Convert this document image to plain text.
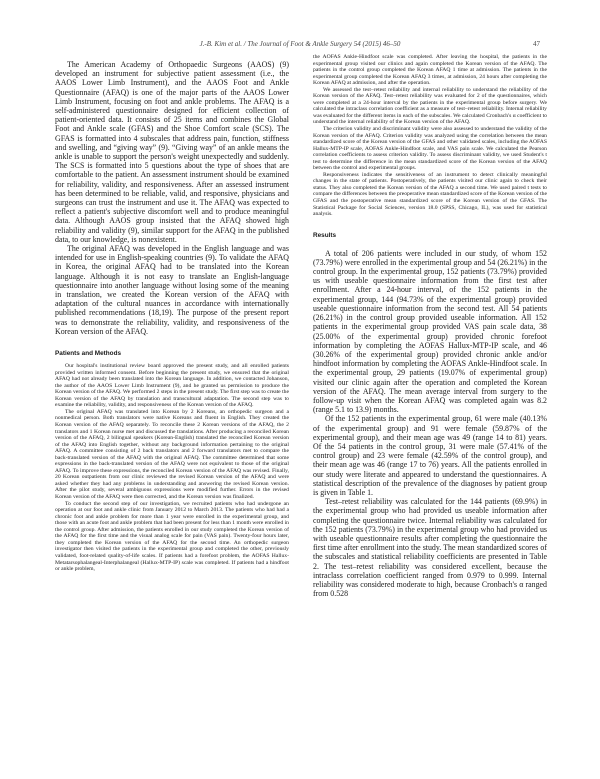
J.-B. Kim et al. / The Journal of Foot & Ankle Surgery 54 (2015) 46–50	47

The American Academy of Orthopaedic Surgeons (AAOS) (9) developed an instrument for subjective patient assessment (i.e., the AAOS Lower Limb Instrument), and the AAOS Foot and Ankle Questionnaire (AFAQ) is one of the major parts of the AAOS Lower Limb Instrument, focusing on foot and ankle problems. The AFAQ is a self-administered questionnaire designed for efficient collection of patient-oriented data. It consists of 25 items and combines the Global Foot and Ankle scale (GFAS) and the Shoe Comfort scale (SCS). The GFAS is formatted into 4 subscales that address pain, function, stiffness and swelling, and “giving way” (9). “Giving way” of an ankle means the ankle is unable to support the person's weight unexpectedly and suddenly. The SCS is formatted into 5 questions about the type of shoes that are comfortable to the patient. An assessment instrument should be examined for reliability, validity, and responsiveness. After an assessed instrument has been determined to be reliable, valid, and responsive, physicians and surgeons can trust the instrument and use it. The AFAQ was expected to reflect a patient's subjective discomfort well and to produce meaningful data. Although AAOS group insisted that the AFAQ showed high reliability and validity (9), similar support for the AFAQ in the published data, to our knowledge, is nonexistent.

The original AFAQ was developed in the English language and was intended for use in English-speaking countries (9). To validate the AFAQ in Korea, the original AFAQ had to be translated into the Korean language. Although it is not easy to translate an English-language questionnaire into another language without losing some of the meaning in translation, we created the Korean version of the AFAQ with adaptation of the cultural nuances in accordance with internationally published recommendations (18,19). The purpose of the present report was to demonstrate the reliability, validity, and responsiveness of the Korean version of the AFAQ.

Patients and Methods

Our hospital's institutional review board approved the present study, and all enrolled patients provided written informed consent. Before beginning the present study, we ensured that the original AFAQ had not already been translated into the Korean language. In addition, we contacted Johanson, the author of the AAOS Lower Limb Instrument (9), and he granted us permission to produce the Korean version of the AFAQ. We performed 2 steps in the present study. The first step was to create the Korean version of the AFAQ by translation and transcultural adaptation. The second step was to examine the reliability, validity, and responsiveness of the Korean version of the AFAQ.

The original AFAQ was translated into Korean by 2 Koreans, an orthopedic surgeon and a nonmedical person. Both translators were native Koreans and fluent in English. They created the Korean version of the AFAQ separately. To reconcile these 2 Korean versions of the AFAQ, the 2 translators and 1 Korean nurse met and discussed the translations. After producing a reconciled Korean version of the AFAQ, 2 bilingual speakers (Korean-English) translated the reconciled Korean version of the AFAQ into English together, without any background information pertaining to the original AFAQ. A committee consisting of 2 back translators and 2 forward translators met to compare the back-translated version of the AFAQ with the original AFAQ. The committee determined that some expressions in the back-translated version of the AFAQ were not equivalent to those of the original AFAQ. To improve these expressions, the reconciled Korean version of the AFAQ was revised. Finally, 20 Korean outpatients from our clinic reviewed the revised Korean version of the AFAQ and were asked whether they had any problems in understanding and answering the revised Korean version. After the pilot study, several ambiguous expressions were modified further. Errors in the revised Korean version of the AFAQ were then corrected, and the Korean version was finalized.

To conduct the second step of our investigation, we recruited patients who had undergone an operation at our foot and ankle clinic from January 2012 to March 2013. The patients who had had a chronic foot and ankle problem for more than 1 year were enrolled in the experimental group, and those with an acute foot and ankle problem that had been present for less than 1 month were enrolled in the control group. After admission, the patients enrolled in our study completed the Korean version of the AFAQ for the first time and the visual analog scale for pain (VAS pain). Twenty-four hours later, they completed the Korean version of the AFAQ for the second time. An orthopedic surgeon investigator then visited the patients in the experimental group and completed the other, previously validated, foot-related quality-of-life scales. If patients had a forefoot problem, the AOFAS Hallux-Metatarsophalangeal-Interphalangeal (Hallux-MTP-IP) scale was completed. If patients had a hindfoot or ankle problem,

the AOFAS Ankle-Hindfoot scale was completed. After leaving the hospital, the patients in the experimental group visited our clinics and again completed the Korean version of the AFAQ. The patients in the control group completed the Korean AFAQ 1 time at admission. The patients in the experimental group completed the Korean AFAQ 3 times, at admission, 24 hours after completing the Korean AFAQ at admission, and after the operation.

We assessed the test–retest reliability and internal reliability to understand the reliability of the Korean version of the AFAQ. Test–retest reliability was evaluated for 2 of the questionnaires, which were completed at a 24-hour interval by the patients in the experimental group before surgery. We calculated the intraclass correlation coefficient as a measure of test–retest reliability. Internal reliability was evaluated for the different items in each of the subscales. We calculated Cronbach's α coefficient to understand the internal reliability of the Korean version of the AFAQ.

The criterion validity and discriminant validity were also assessed to understand the validity of the Korean version of the AFAQ. Criterion validity was analyzed using the correlation between the mean standardized score of the Korean version of the GFAS and other validated scales, including the AOFAS Hallux-MTP-IP scale, AOFAS Ankle-Hindfoot scale, and VAS pain scale. We calculated the Pearson correlation coefficients to assess criterion validity. To assess discriminant validity, we used Student's t test to determine the difference in the mean standardized score of the Korean version of the AFAQ between the control and experimental groups.

Responsiveness indicates the sensitiveness of an instrument to detect clinically meaningful changes in the state of patients. Postoperatively, the patients visited our clinic again to check their status. They also completed the Korean version of the AFAQ a second time. We used paired t tests to compare the differences between the preoperative mean standardized score of the Korean version of the GFAS and the postoperative mean standardized score of the Korean version of the GFAS. The Statistical Package for Social Sciences, version 18.0 (SPSS, Chicago, IL), was used for statistical analysis.

Results

A total of 206 patients were included in our study, of whom 152 (73.79%) were enrolled in the experimental group and 54 (26.21%) in the control group. In the experimental group, 152 patients (73.79%) provided us with useable questionnaire information from the first test after enrollment. After a 24-hour interval, of the 152 patients in the experimental group, 144 (94.73% of the experimental group) provided useable questionnaire information from the second test. All 54 patients (26.21%) in the control group provided useable information. All 152 patients in the experimental group provided VAS pain scale data, 38 (25.00% of the experimental group) provided chronic forefoot information by completing the AOFAS Hallux-MTP-IP scale, and 46 (30.26% of the experimental group) provided chronic ankle and/or hindfoot information by completing the AOFAS Ankle-Hindfoot scale. In the experimental group, 29 patients (19.07% of experimental group) visited our clinic again after the operation and completed the Korean version of the AFAQ. The mean average interval from surgery to the follow-up visit when the Korean AFAQ was completed again was 8.2 (range 5.1 to 13.9) months.

Of the 152 patients in the experimental group, 61 were male (40.13% of the experimental group) and 91 were female (59.87% of the experimental group), and their mean age was 49 (range 14 to 81) years. Of the 54 patients in the control group, 31 were male (57.41% of the control group) and 23 were female (42.59% of the control group), and their mean age was 46 (range 17 to 76) years. All the patients enrolled in our study were literate and appeared to understand the questionnaires. A statistical description of the prevalence of the diagnoses by patient group is given in Table 1.

Test–retest reliability was calculated for the 144 patients (69.9%) in the experimental group who had provided us useable information after completing the questionnaire twice. Internal reliability was calculated for the 152 patients (73.79%) in the experimental group who had provided us with useable questionnaire results after completing the questionnaire the first time after enrollment into the study. The mean standardized scores of the subscales and statistical reliability coefficients are presented in Table 2. The test–retest reliability was considered excellent, because the intraclass correlation coefficient ranged from 0.979 to 0.999. Internal reliability was considered moderate to high, because Cronbach's α ranged from 0.528
